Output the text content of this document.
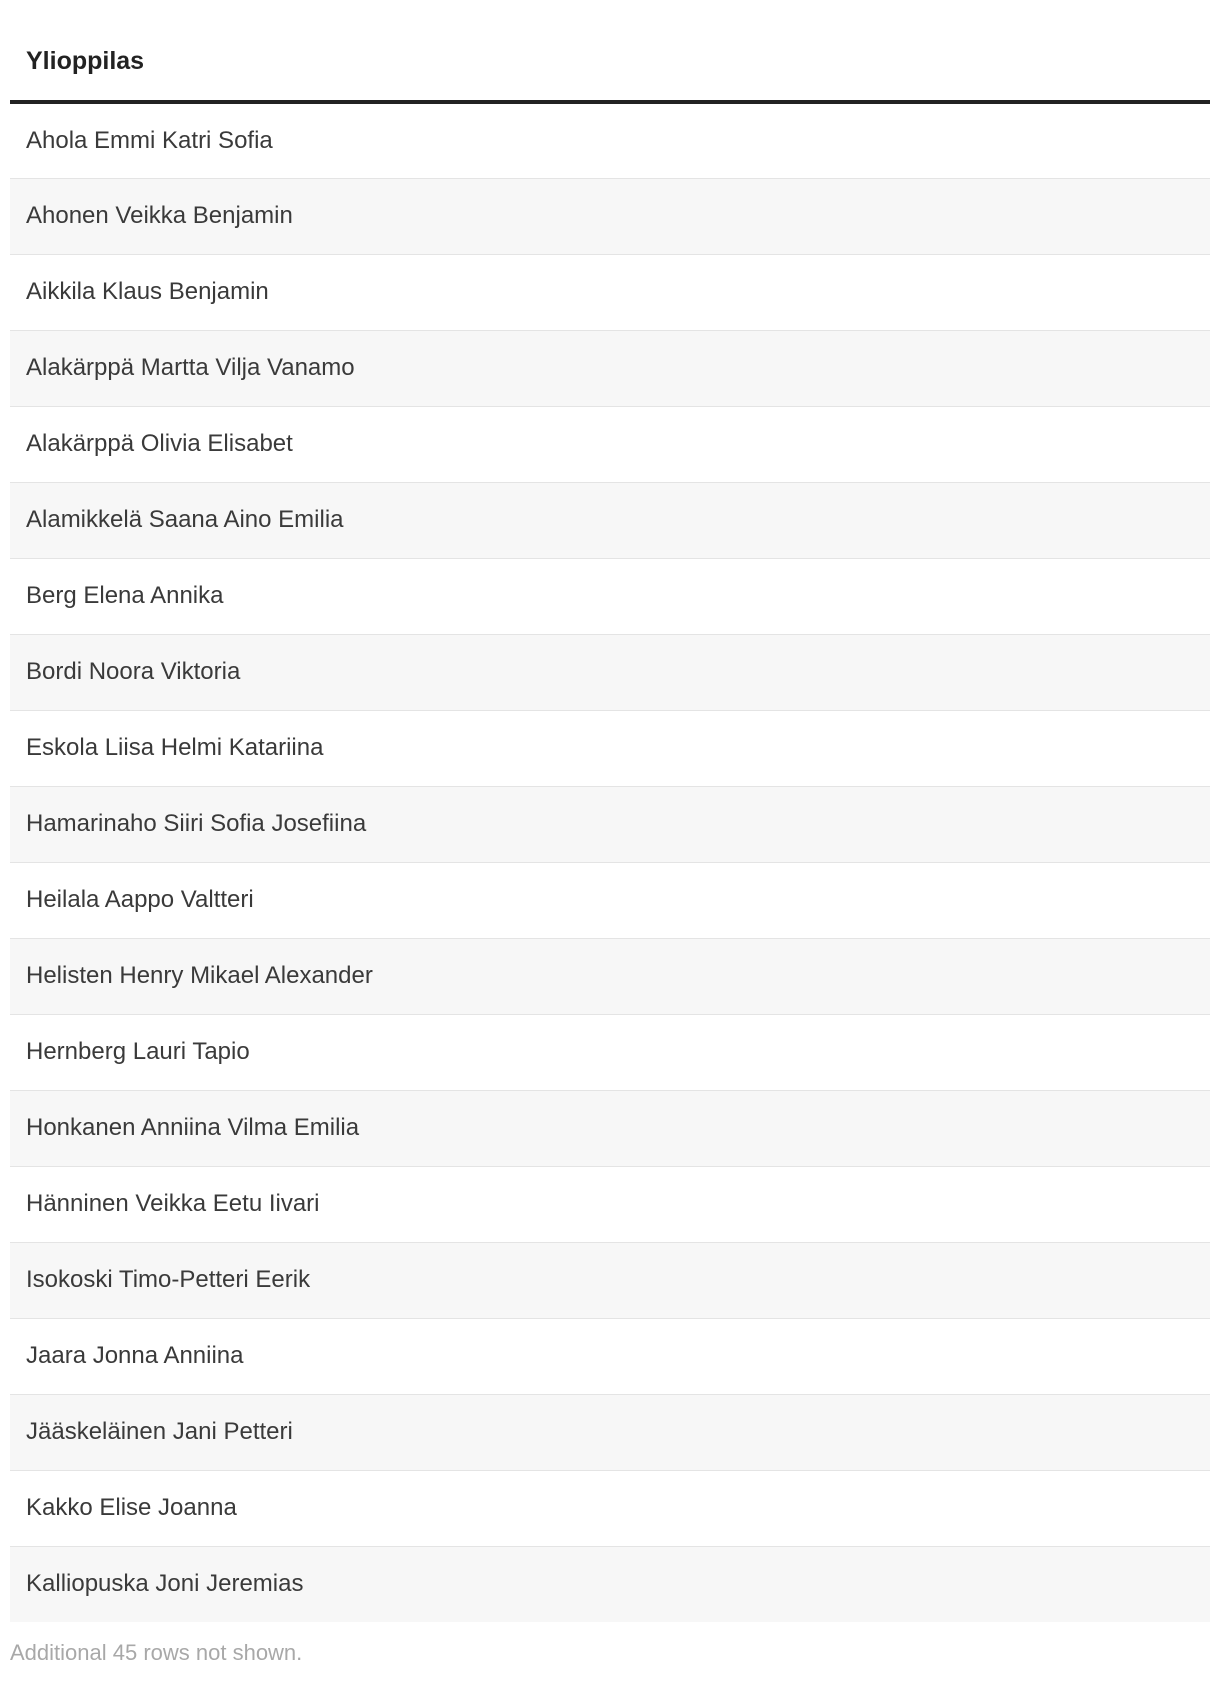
Ylioppilas
Ahola Emmi Katri Sofia
Ahonen Veikka Benjamin
Aikkila Klaus Benjamin
Alakärppä Martta Vilja Vanamo
Alakärppä Olivia Elisabet
Alamikkelä Saana Aino Emilia
Berg Elena Annika
Bordi Noora Viktoria
Eskola Liisa Helmi Katariina
Hamarinaho Siiri Sofia Josefiina
Heilala Aappo Valtteri
Helisten Henry Mikael Alexander
Hernberg Lauri Tapio
Honkanen Anniina Vilma Emilia
Hänninen Veikka Eetu Iivari
Isokoski Timo-Petteri Eerik
Jaara Jonna Anniina
Jääskeläinen Jani Petteri
Kakko Elise Joanna
Kalliopuska Joni Jeremias
Additional 45 rows not shown.
